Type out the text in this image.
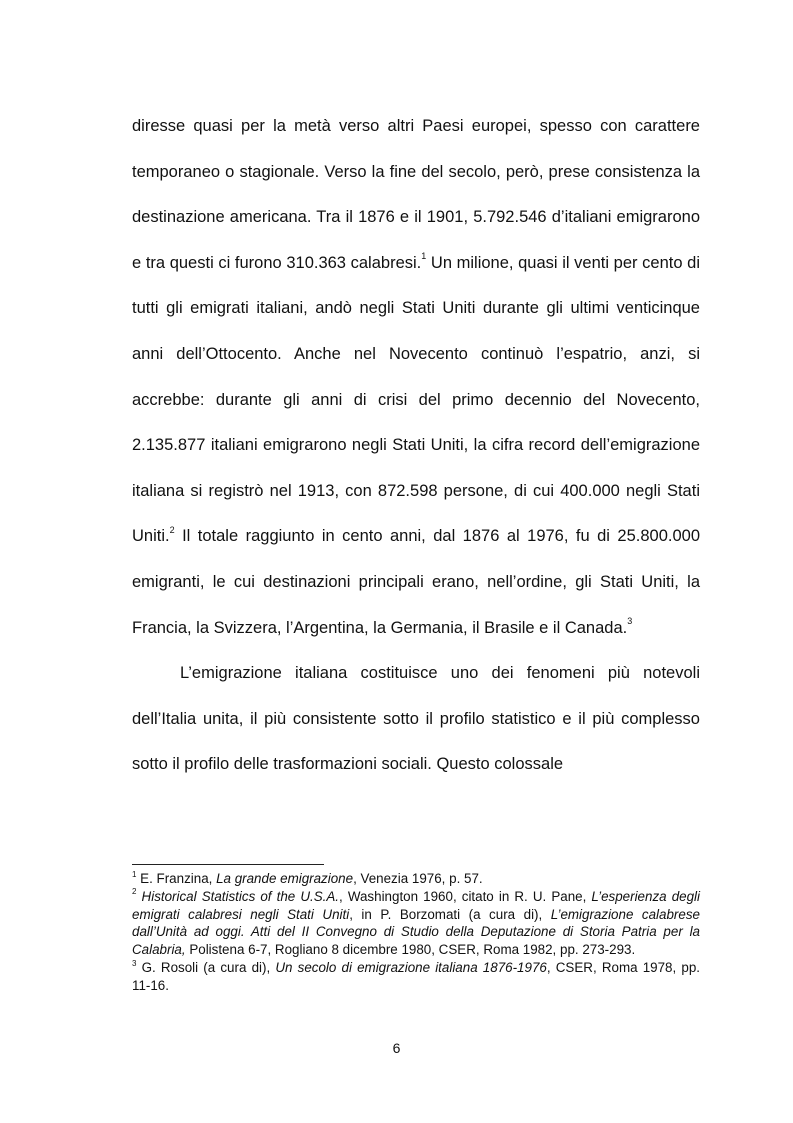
diresse quasi per la metà verso altri Paesi europei, spesso con carattere temporaneo o stagionale. Verso la fine del secolo, però, prese consistenza la destinazione americana. Tra il 1876 e il 1901, 5.792.546 d’italiani emigrarono e tra questi ci furono 310.363 calabresi.$^1$ Un milione, quasi il venti per cento di tutti gli emigrati italiani, andò negli Stati Uniti durante gli ultimi venticinque anni dell’Ottocento. Anche nel Novecento continuò l’espatrio, anzi, si accrebbe: durante gli anni di crisi del primo decennio del Novecento, 2.135.877 italiani emigrarono negli Stati Uniti, la cifra record dell’emigrazione italiana si registrò nel 1913, con 872.598 persone, di cui 400.000 negli Stati Uniti.$^2$ Il totale raggiunto in cento anni, dal 1876 al 1976, fu di 25.800.000 emigranti, le cui destinazioni principali erano, nell’ordine, gli Stati Uniti, la Francia, la Svizzera, l’Argentina, la Germania, il Brasile e il Canada.$^3$

L’emigrazione italiana costituisce uno dei fenomeni più notevoli dell’Italia unita, il più consistente sotto il profilo statistico e il più complesso sotto il profilo delle trasformazioni sociali. Questo colossale

$^1$ E. Franzina, La grande emigrazione, Venezia 1976, p. 57.

$^2$ Historical Statistics of the U.S.A., Washington 1960, citato in R. U. Pane, L’esperienza degli emigrati calabresi negli Stati Uniti, in P. Borzomati (a cura di), L’emigrazione calabrese dall’Unità ad oggi. Atti del II Convegno di Studio della Deputazione di Storia Patria per la Calabria, Polistena 6-7, Rogliano 8 dicembre 1980, CSER, Roma 1982, pp. 273-293.

$^3$ G. Rosoli (a cura di), Un secolo di emigrazione italiana 1876-1976, CSER, Roma 1978, pp. 11-16.

6
